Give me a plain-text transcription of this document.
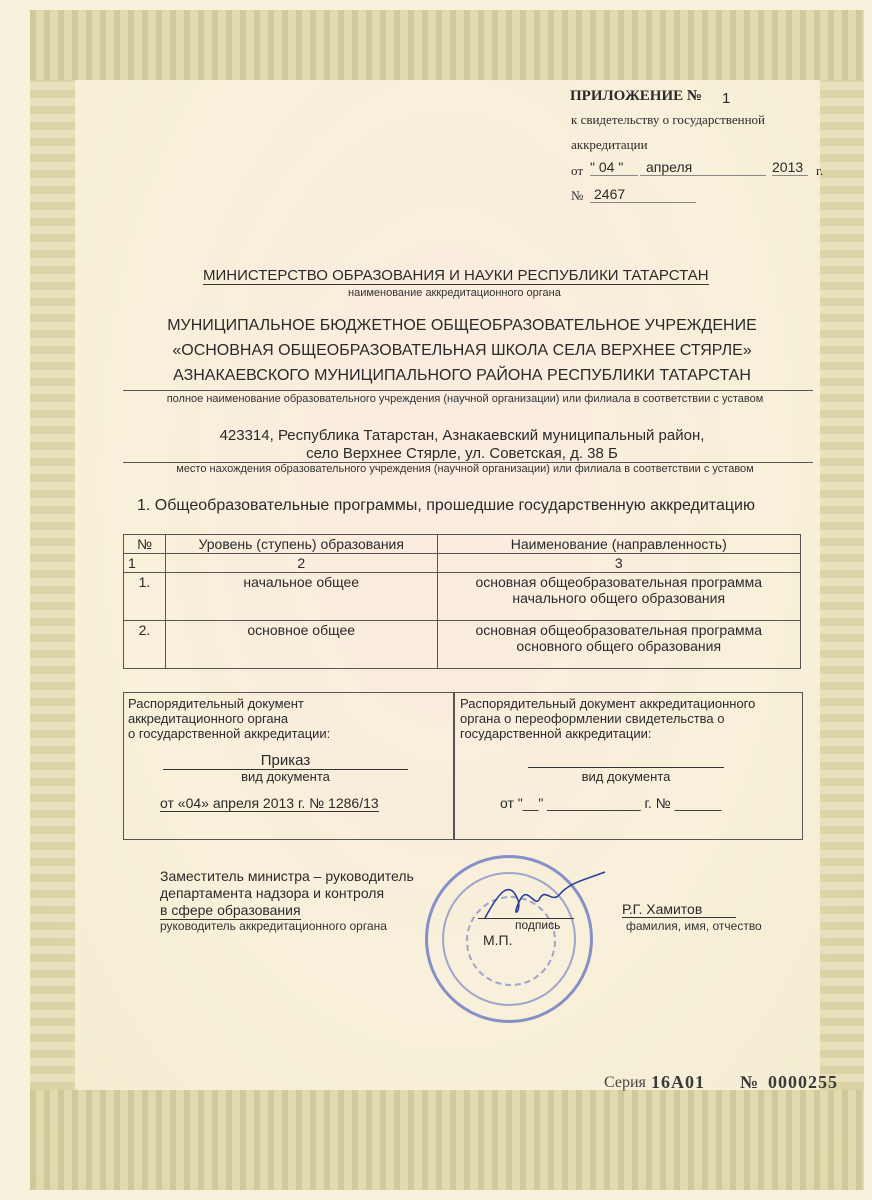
ПРИЛОЖЕНИЕ № 1
к свидетельству о государственной
аккредитации
от " 04 "	апреля	2013 г.
№ 2467
МИНИСТЕРСТВО ОБРАЗОВАНИЯ И НАУКИ РЕСПУБЛИКИ ТАТАРСТАН
наименование аккредитационного органа
МУНИЦИПАЛЬНОЕ БЮДЖЕТНОЕ ОБЩЕОБРАЗОВАТЕЛЬНОЕ УЧРЕЖДЕНИЕ
«ОСНОВНАЯ ОБЩЕОБРАЗОВАТЕЛЬНАЯ ШКОЛА СЕЛА ВЕРХНЕЕ СТЯРЛЕ»
АЗНАКАЕВСКОГО МУНИЦИПАЛЬНОГО РАЙОНА РЕСПУБЛИКИ ТАТАРСТАН
полное наименование образовательного учреждения (научной организации) или филиала в соответствии с уставом
423314, Республика Татарстан, Азнакаевский муниципальный район,
село Верхнее Стярле, ул. Советская, д. 38 Б
место нахождения образовательного учреждения (научной организации) или филиала в соответствии с уставом
1. Общеобразовательные программы, прошедшие государственную аккредитацию
№	Уровень (ступень) образования	Наименование (направленность)
1	2	3
1.	начальное общее	основная общеобразовательная программа
начального общего образования

2.	основное общее	основная общеобразовательная программа
основного общего образования
Распорядительный документ
аккредитационного органа
о государственной аккредитации:
Приказ
вид документа
от «04» апреля 2013 г. № 1286/13
Распорядительный документ аккредитационного
органа о переоформлении свидетельства о
государственной аккредитации:
вид документа
от "__" ____________ г. № ______
Заместитель министра – руководитель
департамента надзора и контроля
в сфере образования
руководитель аккредитационного органа	подпись
М.П.
Р.Г. Хамитов
фамилия, имя, отчество
Серия 16А01 № 0000255
